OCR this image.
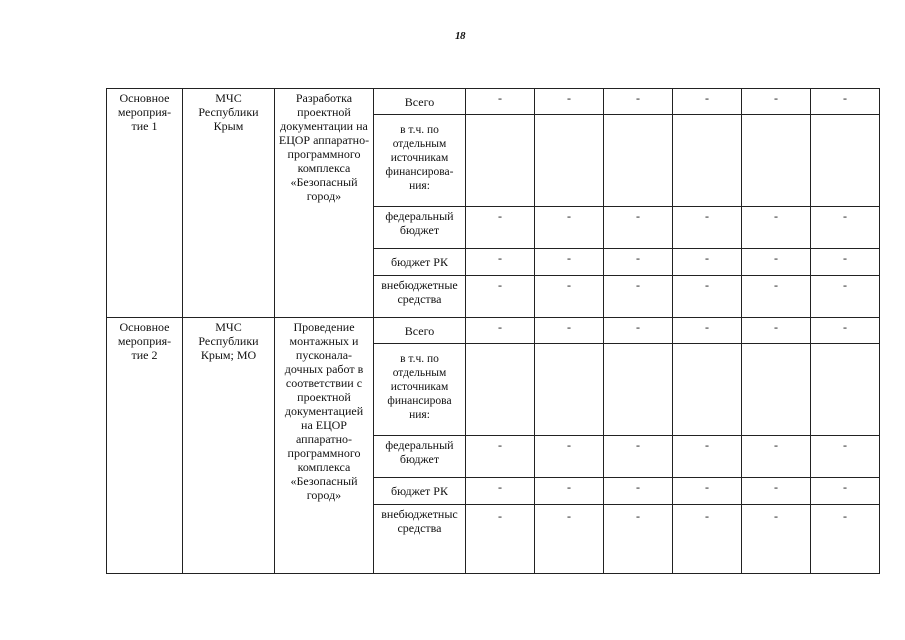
18
Основное мероприя-тие 1	МЧС Республики Крым	Разработка проектной документации на ЕЦОР аппаратно-программного комплекса «Безопасный город»	Всего	-	-	-	-	-	-
			в т.ч. по отдельным источникам финансирова-ния:						
			федеральный бюджет	-	-	-	-	-	-
			бюджет РК	-	-	-	-	-	-
			внебюджетные средства	-	-	-	-	-	-
Основное мероприя-тие 2	МЧС Республики Крым; МО	Проведение монтажных и пусконала-дочных работ в соответствии с проектной документацией на ЕЦОР аппаратно-программного комплекса «Безопасный город»	Всего	-	-	-	-	-	-
			в т.ч. по отдельным источникам финансирова ния:						
			федеральный бюджет	-	-	-	-	-	-
			бюджет РК	-	-	-	-	-	-
			внебюджетныс средства	-	-	-	-	-	-
